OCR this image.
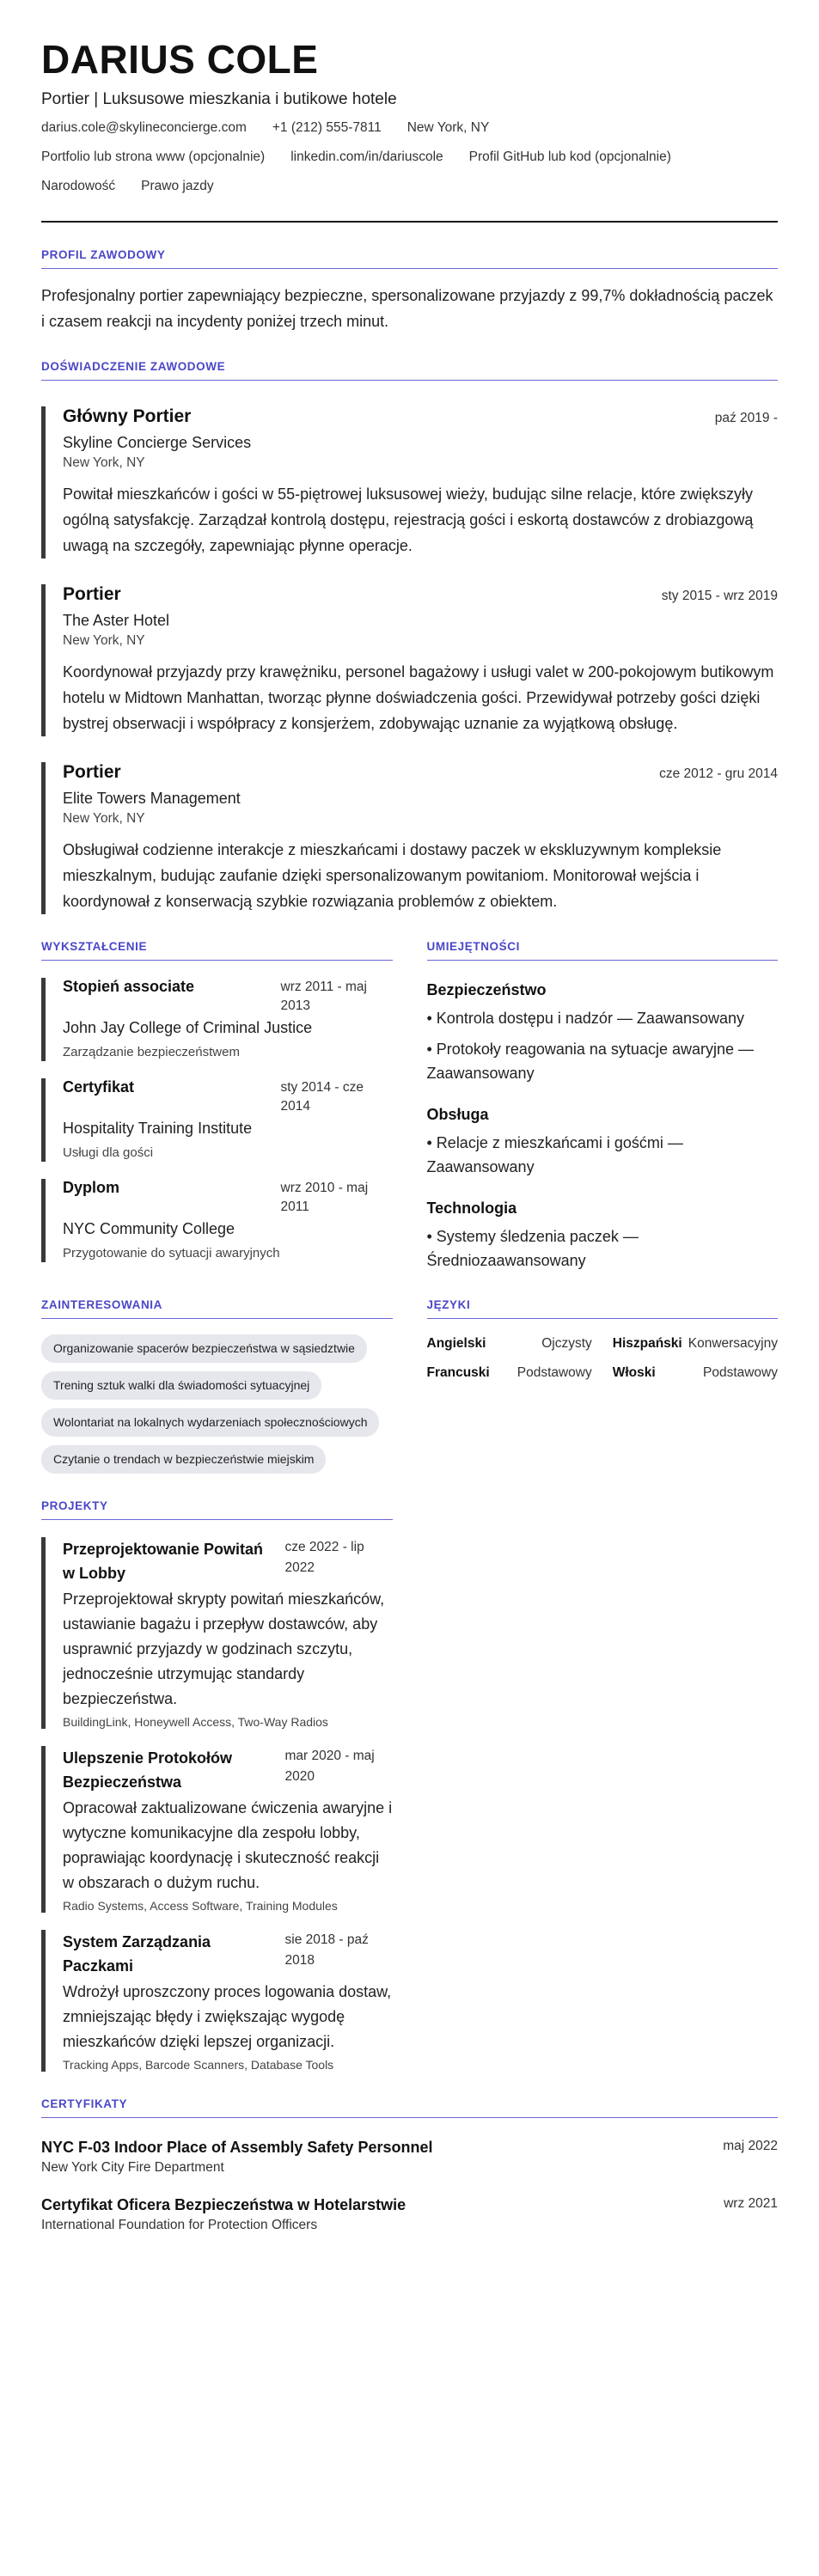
DARIUS COLE
Portier | Luksusowe mieszkania i butikowe hotele
darius.cole@skylineconcierge.com +1 (212) 555-7811 New York, NY
Portfolio lub strona www (opcjonalnie) linkedin.com/in/dariuscole Profil GitHub lub kod (opcjonalnie)
Narodowość Prawo jazdy
PROFIL ZAWODOWY

Profesjonalny portier zapewniający bezpieczne, spersonalizowane przyjazdy z 99,7% dokładnością paczek i czasem reakcji na incydenty poniżej trzech minut.

DOŚWIADCZENIE ZAWODOWE
Główny Portier	paź 2019 -
Skyline Concierge Services
New York, NY
Powitał mieszkańców i gości w 55-piętrowej luksusowej wieży, budując silne relacje, które zwiększyły ogólną satysfakcję. Zarządzał kontrolą dostępu, rejestracją gości i eskortą dostawców z drobiazgową uwagą na szczegóły, zapewniając płynne operacje.
Portier	sty 2015 - wrz 2019
The Aster Hotel
New York, NY
Koordynował przyjazdy przy krawężniku, personel bagażowy i usługi valet w 200-pokojowym butikowym hotelu w Midtown Manhattan, tworząc płynne doświadczenia gości. Przewidywał potrzeby gości dzięki bystrej obserwacji i współpracy z konsjerżem, zdobywając uznanie za wyjątkową obsługę.
Portier	cze 2012 - gru 2014
Elite Towers Management
New York, NY
Obsługiwał codzienne interakcje z mieszkańcami i dostawy paczek w ekskluzywnym kompleksie mieszkalnym, budując zaufanie dzięki spersonalizowanym powitaniom. Monitorował wejścia i koordynował z konserwacją szybkie rozwiązania problemów z obiektem.
WYKSZTAŁCENIE
Stopień associate	wrz 2011 - maj 2013
John Jay College of Criminal Justice
Zarządzanie bezpieczeństwem
Certyfikat	sty 2014 - cze 2014
Hospitality Training Institute
Usługi dla gości
Dyplom	wrz 2010 - maj 2011
NYC Community College
Przygotowanie do sytuacji awaryjnych
UMIEJĘTNOŚCI
Bezpieczeństwo
• Kontrola dostępu i nadzór — Zaawansowany
• Protokoły reagowania na sytuacje awaryjne — Zaawansowany
Obsługa
• Relacje z mieszkańcami i gośćmi — Zaawansowany
Technologia
• Systemy śledzenia paczek — Średniozaawansowany
ZAINTERESOWANIA
Organizowanie spacerów bezpieczeństwa w sąsiedztwie
Trening sztuk walki dla świadomości sytuacyjnej
Wolontariat na lokalnych wydarzeniach społecznościowych
Czytanie o trendach w bezpieczeństwie miejskim
JĘZYKI
Angielski	Ojczysty Hiszpański Konwersacyjny
Francuski Podstawowy Włoski	Podstawowy
PROJEKTY
Przeprojektowanie Powitań w Lobby
cze 2022 - lip 2022
Przeprojektował skrypty powitań mieszkańców, ustawianie bagażu i przepływ dostawców, aby usprawnić przyjazdy w godzinach szczytu, jednocześnie utrzymując standardy bezpieczeństwa.
BuildingLink, Honeywell Access, Two-Way Radios
Ulepszenie Protokołów Bezpieczeństwa
mar 2020 - maj 2020
Opracował zaktualizowane ćwiczenia awaryjne i wytyczne komunikacyjne dla zespołu lobby, poprawiając koordynację i skuteczność reakcji w obszarach o dużym ruchu.
Radio Systems, Access Software, Training Modules
System Zarządzania Paczkami
sie 2018 - paź 2018
Wdrożył uproszczony proces logowania dostaw, zmniejszając błędy i zwiększając wygodę mieszkańców dzięki lepszej organizacji.
Tracking Apps, Barcode Scanners, Database Tools
CERTYFIKATY
NYC F-03 Indoor Place of Assembly Safety Personnel
New York City Fire Department
maj 2022
Certyfikat Oficera Bezpieczeństwa w Hotelarstwie
International Foundation for Protection Officers
wrz 2021
